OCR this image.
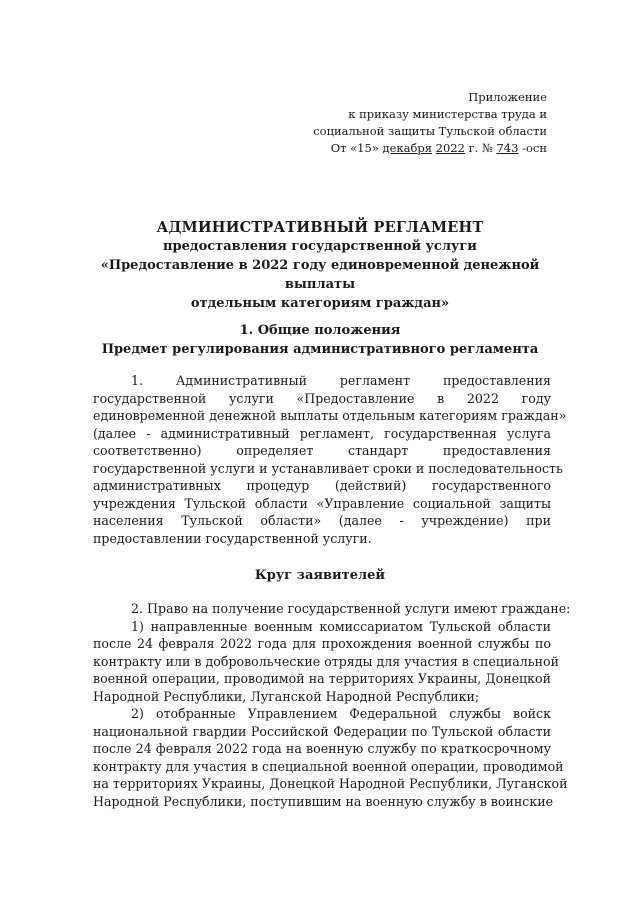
Приложение
к приказу министерства труда и
социальной защиты Тульской области
От «15» декабря 2022 г. № 743 -осн
АДМИНИСТРАТИВНЫЙ РЕГЛАМЕНТ
предоставления государственной услуги
«Предоставление в 2022 году единовременной денежной выплаты
отдельным категориям граждан»
1. Общие положения
Предмет регулирования административного регламента
1. Административный регламент предоставления
государственной услуги «Предоставление в 2022 году
единовременной денежной выплаты отдельным категориям граждан»
(далее - административный регламент, государственная услуга
соответственно) определяет стандарт предоставления
государственной услуги и устанавливает сроки и последовательность
административных процедур (действий) государственного
учреждения Тульской области «Управление социальной защиты
населения Тульской области» (далее - учреждение) при
предоставлении государственной услуги.
Круг заявителей
2. Право на получение государственной услуги имеют граждане:
1) направленные военным комиссариатом Тульской области
после 24 февраля 2022 года для прохождения военной службы по
контракту или в добровольческие отряды для участия в специальной
военной операции, проводимой на территориях Украины, Донецкой
Народной Республики, Луганской Народной Республики;
2) отобранные Управлением Федеральной службы войск
национальной гвардии Российской Федерации по Тульской области
после 24 февраля 2022 года на военную службу по краткосрочному
контракту для участия в специальной военной операции, проводимой
на территориях Украины, Донецкой Народной Республики, Луганской
Народной Республики, поступившим на военную службу в воинские
